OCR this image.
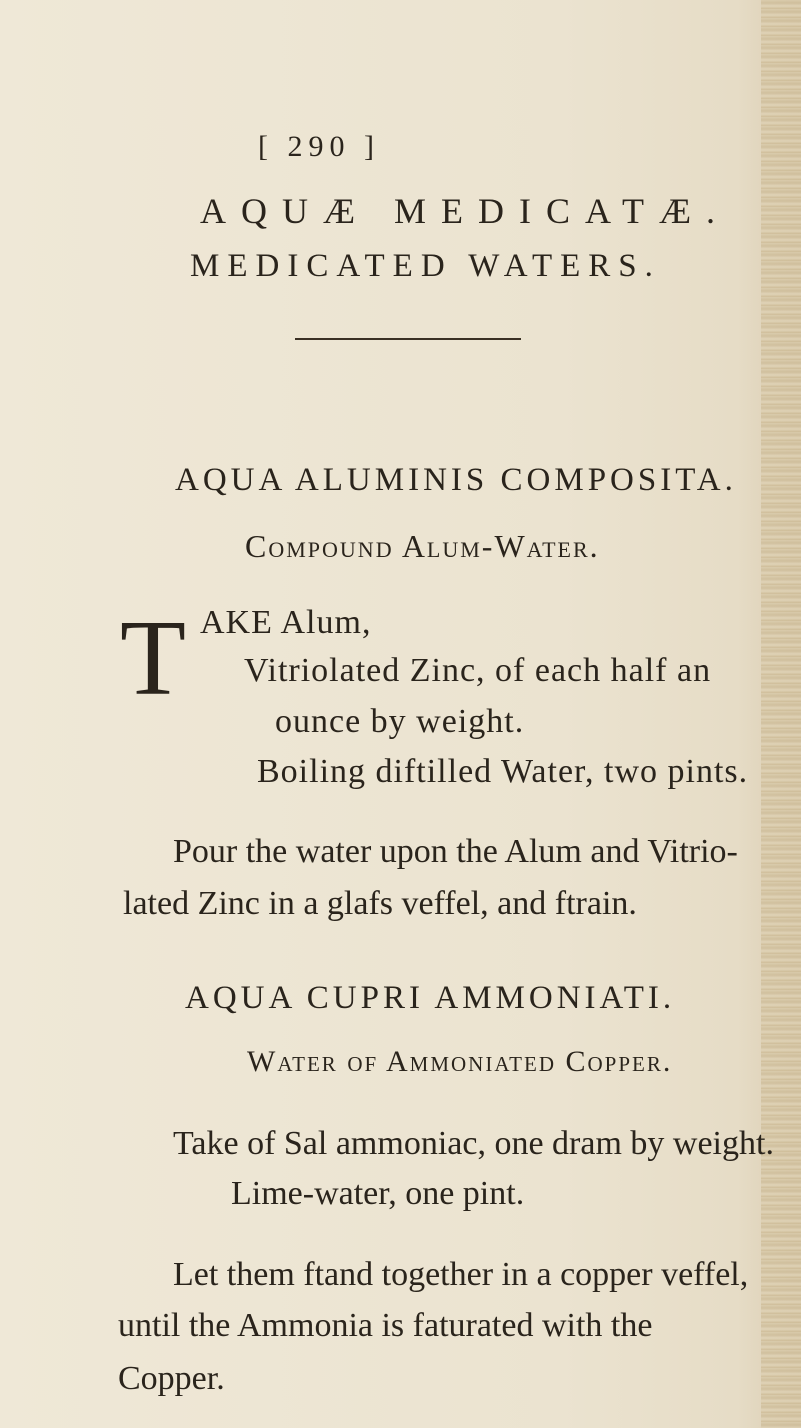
[ 290 ]
AQUÆ MEDICATÆ.
MEDICATED WATERS.
AQUA ALUMINIS COMPOSITA.
Compound Alum-Water.
T AKE Alum,
Vitriolated Zinc, of each half an
ounce by weight.
Boiling diftilled Water, two pints.
Pour the water upon the Alum and Vitrio-
lated Zinc in a glafs veffel, and ftrain.
AQUA CUPRI AMMONIATI.
Water of Ammoniated Copper.
Take of Sal ammoniac, one dram by weight.
Lime-water, one pint.
Let them ftand together in a copper veffel,
until the Ammonia is faturated with the
Copper.
